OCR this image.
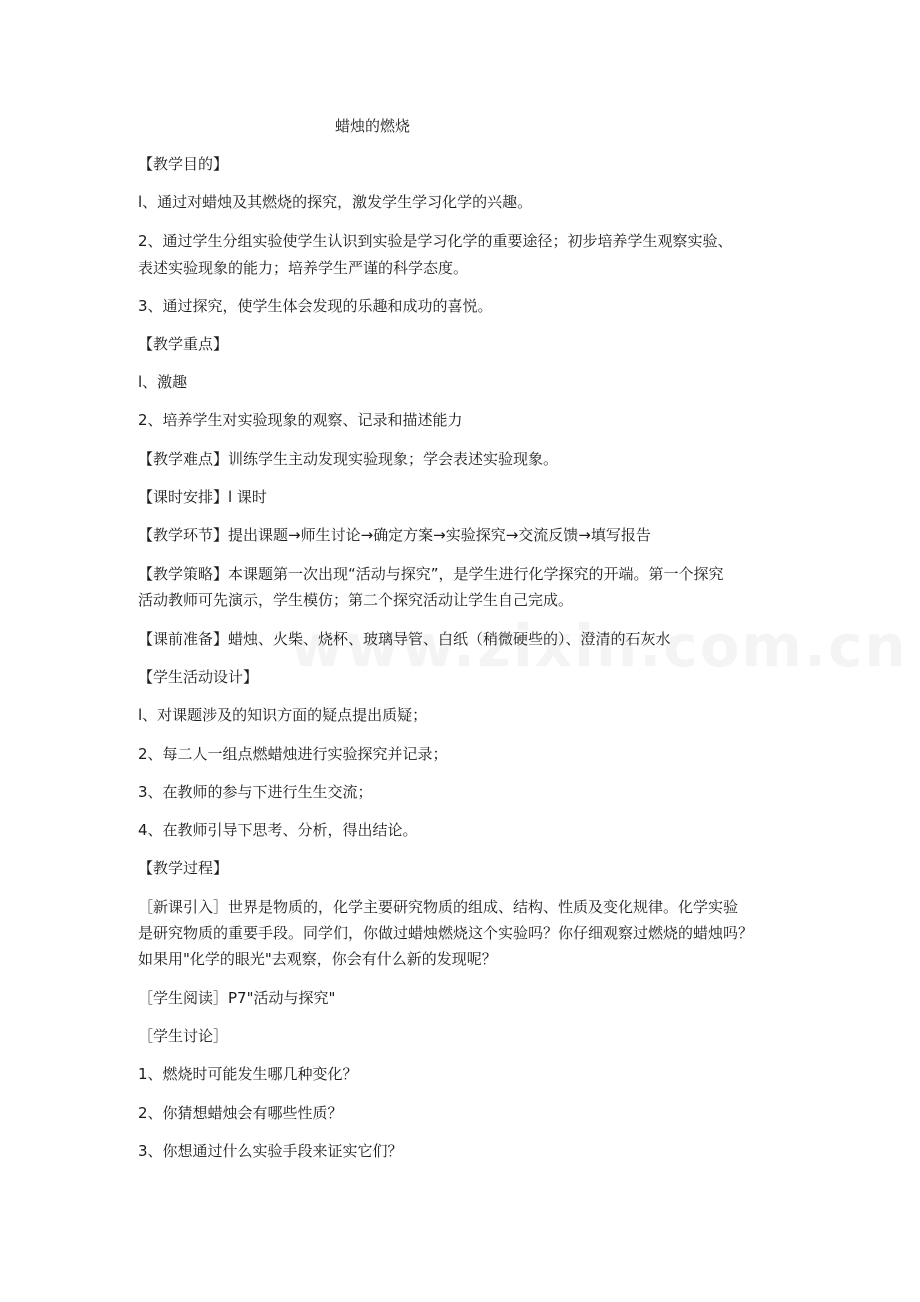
蜡烛的燃烧
【教学目的】
l、通过对蜡烛及其燃烧的探究，激发学生学习化学的兴趣。
2、通过学生分组实验使学生认识到实验是学习化学的重要途径；初步培养学生观察实验、
表述实验现象的能力；培养学生严谨的科学态度。
3、通过探究，使学生体会发现的乐趣和成功的喜悦。
【教学重点】
l、激趣
2、培养学生对实验现象的观察、记录和描述能力
【教学难点】训练学生主动发现实验现象；学会表述实验现象。
【课时安排】l 课时
【教学环节】提出课题→师生讨论→确定方案→实验探究→交流反馈→填写报告
【教学策略】本课题第一次出现“活动与探究”，是学生进行化学探究的开端。第一个探究
活动教师可先演示，学生模仿；第二个探究活动让学生自己完成。
【课前准备】蜡烛、火柴、烧杯、玻璃导管、白纸（稍微硬些的）、澄清的石灰水
【学生活动设计】
l、对课题涉及的知识方面的疑点提出质疑；
2、每二人一组点燃蜡烛进行实验探究并记录；
3、在教师的参与下进行生生交流；
4、在教师引导下思考、分析，得出结论。
【教学过程】
［新课引入］世界是物质的，化学主要研究物质的组成、结构、性质及变化规律。化学实验
是研究物质的重要手段。同学们，你做过蜡烛燃烧这个实验吗？你仔细观察过燃烧的蜡烛吗？
如果用"化学的眼光"去观察，你会有什么新的发现呢？
［学生阅读］P7"活动与探究"
［学生讨论］
1、燃烧时可能发生哪几种变化？
2、你猜想蜡烛会有哪些性质？
3、你想通过什么实验手段来证实它们？
